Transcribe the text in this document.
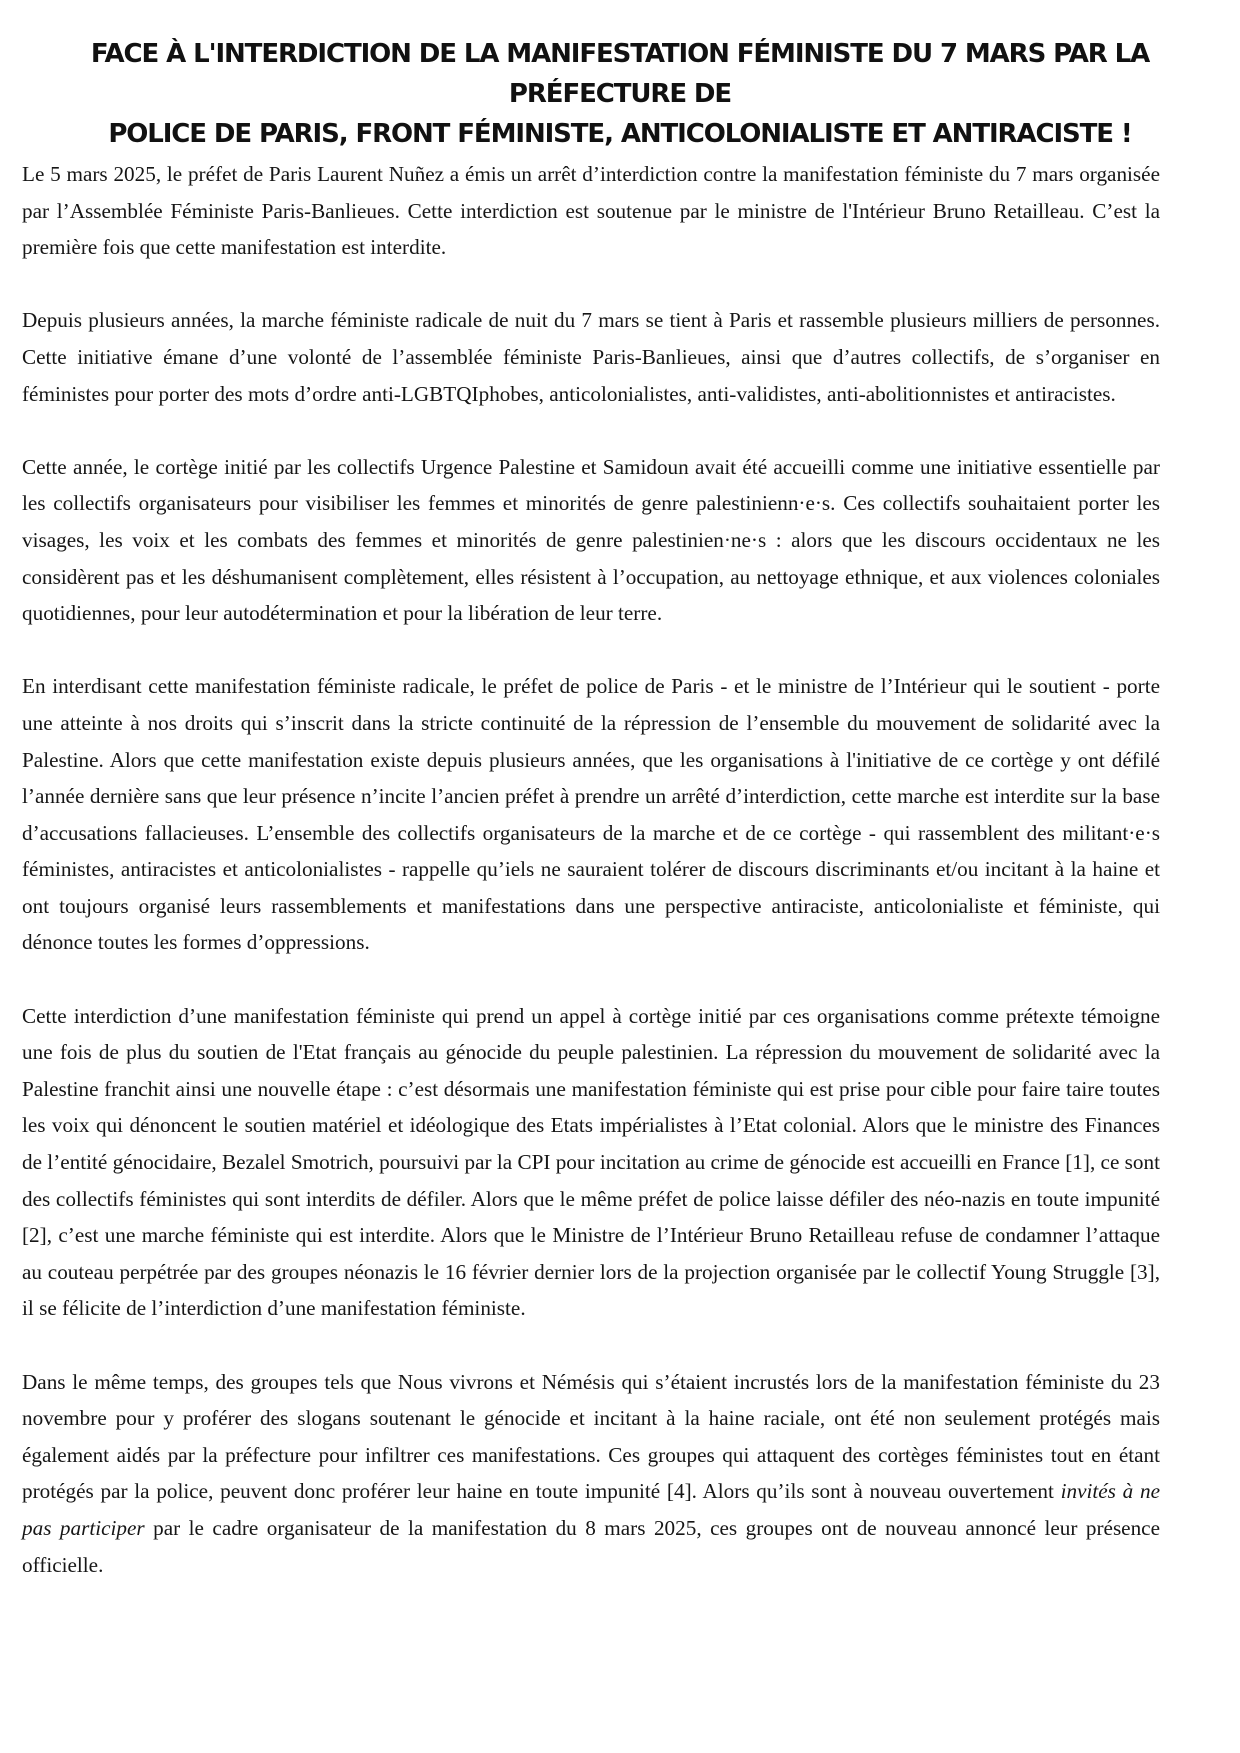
FACE À L'INTERDICTION DE LA MANIFESTATION FÉMINISTE DU 7 MARS PAR LA PRÉFECTURE DE
POLICE DE PARIS, FRONT FÉMINISTE, ANTICOLONIALISTE ET ANTIRACISTE !

Le 5 mars 2025, le préfet de Paris Laurent Nuñez a émis un arrêt d’interdiction contre la manifestation féministe du 7 mars organisée par l’Assemblée Féministe Paris-Banlieues. Cette interdiction est soutenue par le ministre de l'Intérieur Bruno Retailleau. C’est la première fois que cette manifestation est interdite.

Depuis plusieurs années, la marche féministe radicale de nuit du 7 mars se tient à Paris et rassemble plusieurs milliers de personnes. Cette initiative émane d’une volonté de l’assemblée féministe Paris-Banlieues, ainsi que d’autres collectifs, de s’organiser en féministes pour porter des mots d’ordre anti-LGBTQIphobes, anticolonialistes, anti-validistes, anti-abolitionnistes et antiracistes.

Cette année, le cortège initié par les collectifs Urgence Palestine et Samidoun avait été accueilli comme une initiative essentielle par les collectifs organisateurs pour visibiliser les femmes et minorités de genre palestinienn·e·s. Ces collectifs souhaitaient porter les visages, les voix et les combats des femmes et minorités de genre palestinien·ne·s : alors que les discours occidentaux ne les considèrent pas et les déshumanisent complètement, elles résistent à l’occupation, au nettoyage ethnique, et aux violences coloniales quotidiennes, pour leur autodétermination et pour la libération de leur terre.

En interdisant cette manifestation féministe radicale, le préfet de police de Paris - et le ministre de l’Intérieur qui le soutient - porte une atteinte à nos droits qui s’inscrit dans la stricte continuité de la répression de l’ensemble du mouvement de solidarité avec la Palestine. Alors que cette manifestation existe depuis plusieurs années, que les organisations à l'initiative de ce cortège y ont défilé l’année dernière sans que leur présence n’incite l’ancien préfet à prendre un arrêté d’interdiction, cette marche est interdite sur la base d’accusations fallacieuses. L’ensemble des collectifs organisateurs de la marche et de ce cortège - qui rassemblent des militant·e·s féministes, antiracistes et anticolonialistes - rappelle qu’iels ne sauraient tolérer de discours discriminants et/ou incitant à la haine et ont toujours organisé leurs rassemblements et manifestations dans une perspective antiraciste, anticolonialiste et féministe, qui dénonce toutes les formes d’oppressions.

Cette interdiction d’une manifestation féministe qui prend un appel à cortège initié par ces organisations comme prétexte témoigne une fois de plus du soutien de l'Etat français au génocide du peuple palestinien. La répression du mouvement de solidarité avec la Palestine franchit ainsi une nouvelle étape : c’est désormais une manifestation féministe qui est prise pour cible pour faire taire toutes les voix qui dénoncent le soutien matériel et idéologique des Etats impérialistes à l’Etat colonial. Alors que le ministre des Finances de l’entité génocidaire, Bezalel Smotrich, poursuivi par la CPI pour incitation au crime de génocide est accueilli en France [1], ce sont des collectifs féministes qui sont interdits de défiler. Alors que le même préfet de police laisse défiler des néo-nazis en toute impunité [2], c’est une marche féministe qui est interdite. Alors que le Ministre de l’Intérieur Bruno Retailleau refuse de condamner l’attaque au couteau perpétrée par des groupes néonazis le 16 février dernier lors de la projection organisée par le collectif Young Struggle [3], il se félicite de l’interdiction d’une manifestation féministe.

Dans le même temps, des groupes tels que Nous vivrons et Némésis qui s’étaient incrustés lors de la manifestation féministe du 23 novembre pour y proférer des slogans soutenant le génocide et incitant à la haine raciale, ont été non seulement protégés mais également aidés par la préfecture pour infiltrer ces manifestations. Ces groupes qui attaquent des cortèges féministes tout en étant protégés par la police, peuvent donc proférer leur haine en toute impunité [4]. Alors qu’ils sont à nouveau ouvertement invités à ne pas participer par le cadre organisateur de la manifestation du 8 mars 2025, ces groupes ont de nouveau annoncé leur présence officielle.
